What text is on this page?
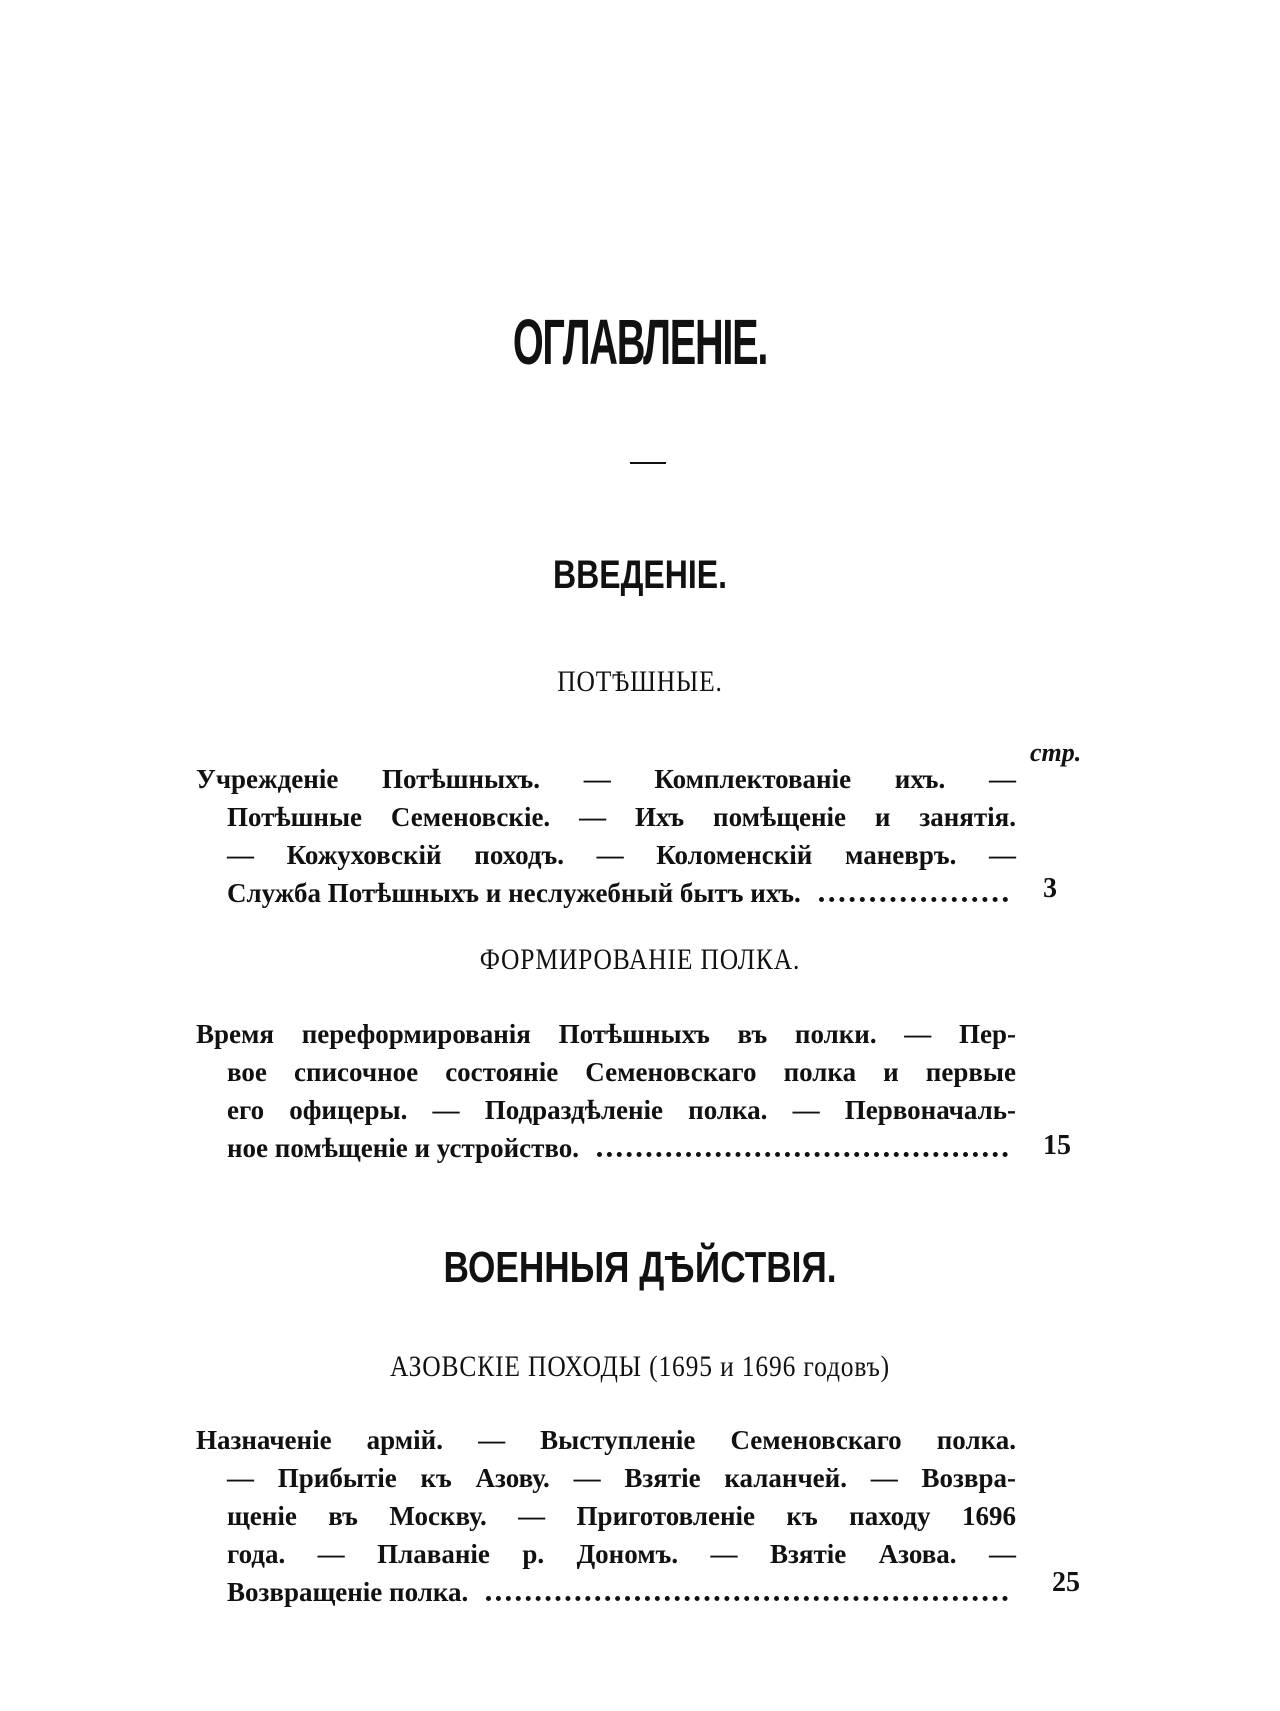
ОГЛАВЛЕНІЕ.
ВВЕДЕНІЕ.
ПОТѢШНЫЕ.
стр.
Учрежденіе Потѣшныхъ. — Комплектованіе ихъ. —
Потѣшные Семеновскіе. — Ихъ помѣщеніе и занятія.
— Кожуховскій походъ. — Коломенскій маневръ. —
Служба Потѣшныхъ и неслужебный бытъ ихъ.	3
ФОРМИРОВАНІЕ ПОЛКА.
Время переформированія Потѣшныхъ въ полки. — Пер-
вое списочное состояніе Семеновскаго полка и первые
его офицеры. — Подраздѣленіе полка. — Первоначаль-
ное помѣщеніе и устройство.	15
ВОЕННЫЯ ДѢЙСТВІЯ.
АЗОВСКІЕ ПОХОДЫ (1695 и 1696 годовъ)
Назначеніе армій. — Выступленіе Семеновскаго полка.
— Прибытіе къ Азову. — Взятіе каланчей. — Возвра-
щеніе въ Москву. — Приготовленіе къ паходу 1696
года. — Плаваніе р. Дономъ. — Взятіе Азова. —
Возвращеніе полка.	25
